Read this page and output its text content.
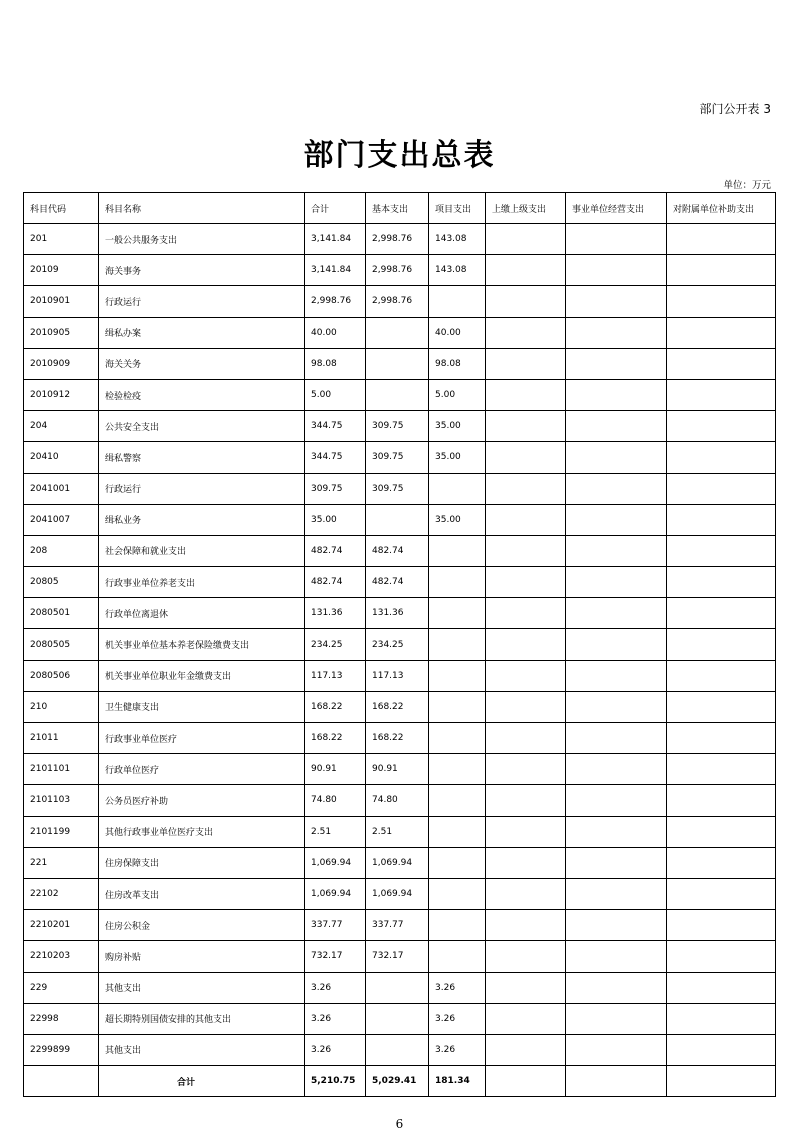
部门公开表 3
部门支出总表
单位：万元
科目代码	科目名称	合计	基本支出	项目支出	上缴上级支出	事业单位经营支出	对附属单位补助支出
201	一般公共服务支出	3,141.84	2,998.76	143.08			
20109	海关事务	3,141.84	2,998.76	143.08			
2010901	行政运行	2,998.76	2,998.76				
2010905	缉私办案	40.00		40.00			
2010909	海关关务	98.08		98.08			
2010912	检验检疫	5.00		5.00			
204	公共安全支出	344.75	309.75	35.00			
20410	缉私警察	344.75	309.75	35.00			
2041001	行政运行	309.75	309.75				
2041007	缉私业务	35.00		35.00			
208	社会保障和就业支出	482.74	482.74				
20805	行政事业单位养老支出	482.74	482.74				
2080501	行政单位离退休	131.36	131.36				
2080505	机关事业单位基本养老保险缴费支出	234.25	234.25				
2080506	机关事业单位职业年金缴费支出	117.13	117.13				
210	卫生健康支出	168.22	168.22				
21011	行政事业单位医疗	168.22	168.22				
2101101	行政单位医疗	90.91	90.91				
2101103	公务员医疗补助	74.80	74.80				
2101199	其他行政事业单位医疗支出	2.51	2.51				
221	住房保障支出	1,069.94	1,069.94				
22102	住房改革支出	1,069.94	1,069.94				
2210201	住房公积金	337.77	337.77				
2210203	购房补贴	732.17	732.17				
229	其他支出	3.26		3.26			
22998	超长期特别国债安排的其他支出	3.26		3.26			
2299899	其他支出	3.26		3.26			
	合计	5,210.75	5,029.41	181.34			
6
